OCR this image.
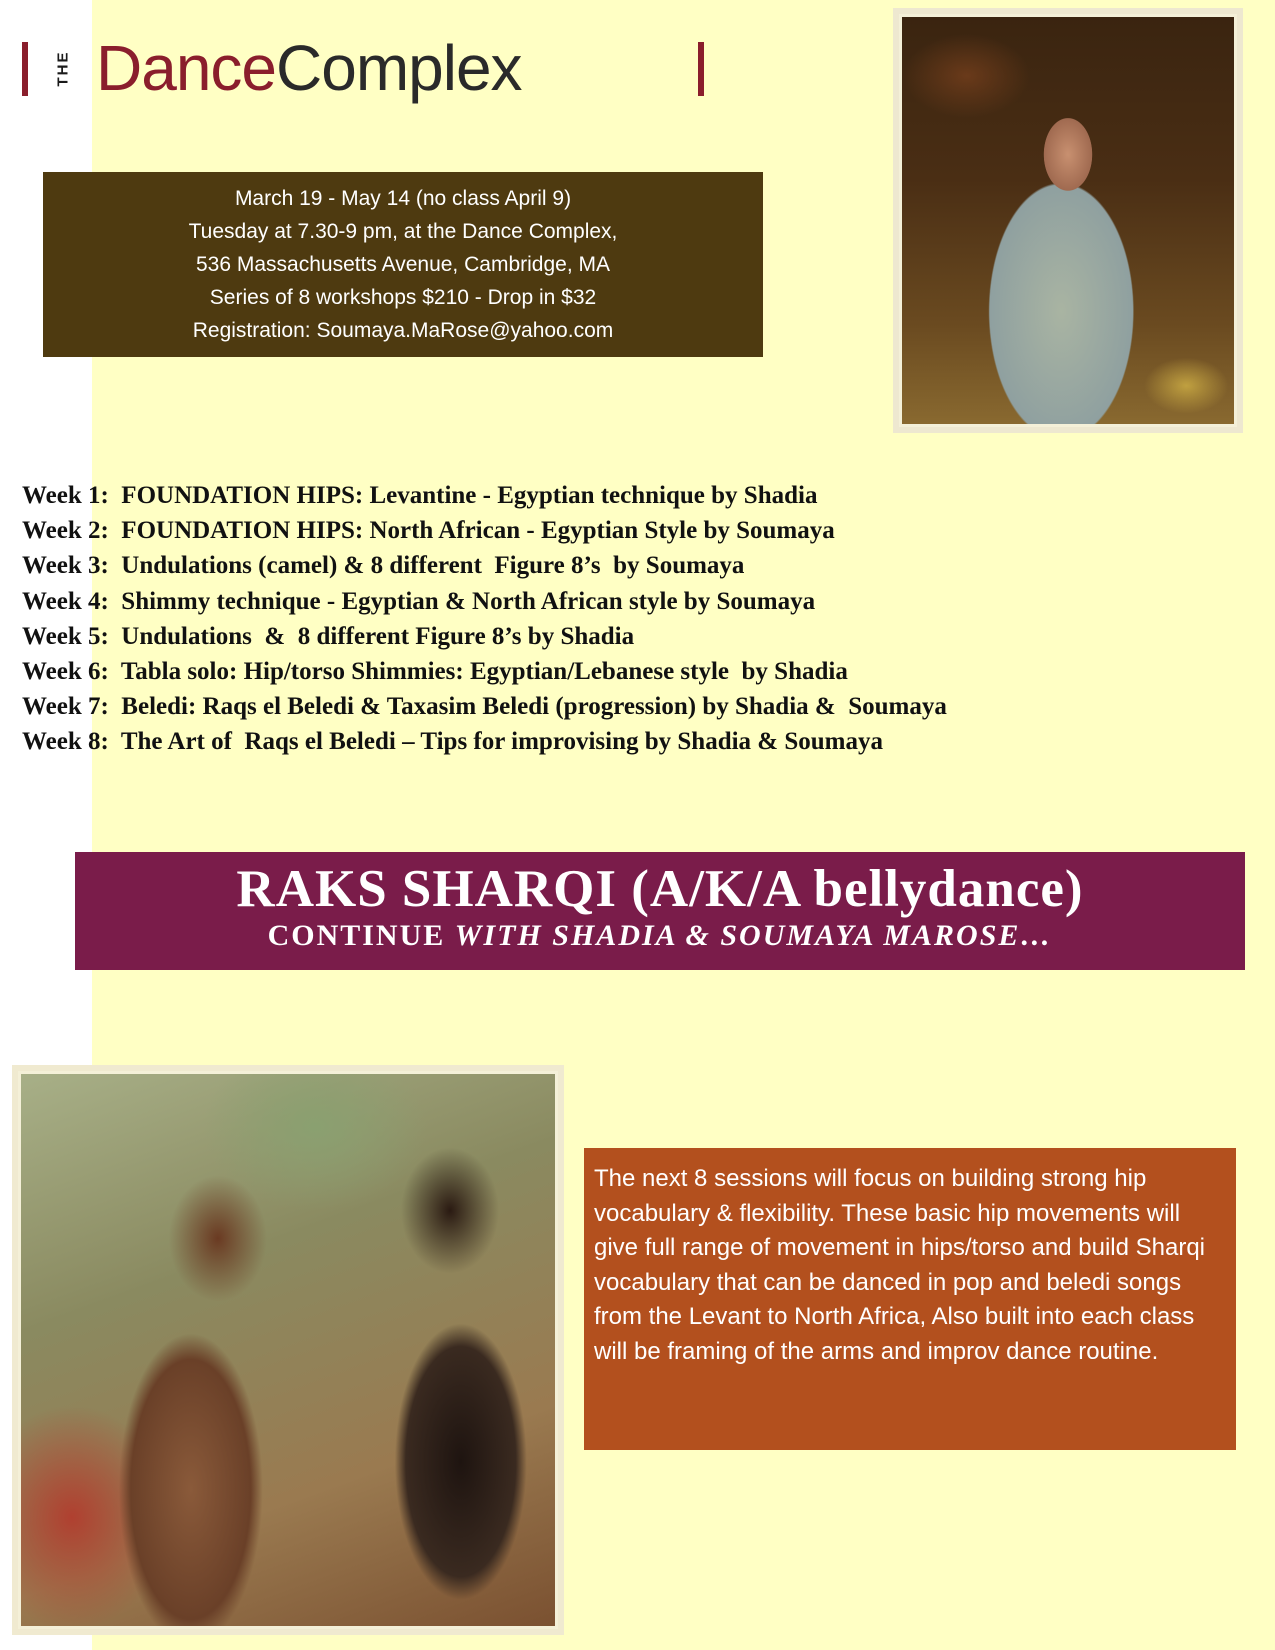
THE DanceComplex
March 19 - May 14 (no class April 9)
Tuesday at 7.30-9 pm, at the Dance Complex,
536 Massachusetts Avenue, Cambridge, MA
Series of 8 workshops $210 - Drop in $32
Registration: Soumaya.MaRose@yahoo.com
Week 1:  FOUNDATION HIPS: Levantine - Egyptian technique by Shadia
Week 2:  FOUNDATION HIPS: North African - Egyptian Style by Soumaya
Week 3:  Undulations (camel) & 8 different  Figure 8’s  by Soumaya
Week 4:  Shimmy technique - Egyptian & North African style by Soumaya
Week 5:  Undulations  &  8 different Figure 8’s by Shadia
Week 6:  Tabla solo: Hip/torso Shimmies: Egyptian/Lebanese style  by Shadia
Week 7:  Beledi: Raqs el Beledi & Taxasim Beledi (progression) by Shadia &  Soumaya
Week 8:  The Art of  Raqs el Beledi – Tips for improvising by Shadia & Soumaya
RAKS SHARQI (A/K/A bellydance)
CONTINUE WITH SHADIA & SOUMAYA MAROSE…

The next 8 sessions will focus on building strong hip vocabulary & flexibility. These basic hip movements will give full range of movement in hips/torso and build Sharqi vocabulary that can be danced in pop and beledi songs from the Levant to North Africa, Also built into each class will be framing of the arms and improv dance routine.
